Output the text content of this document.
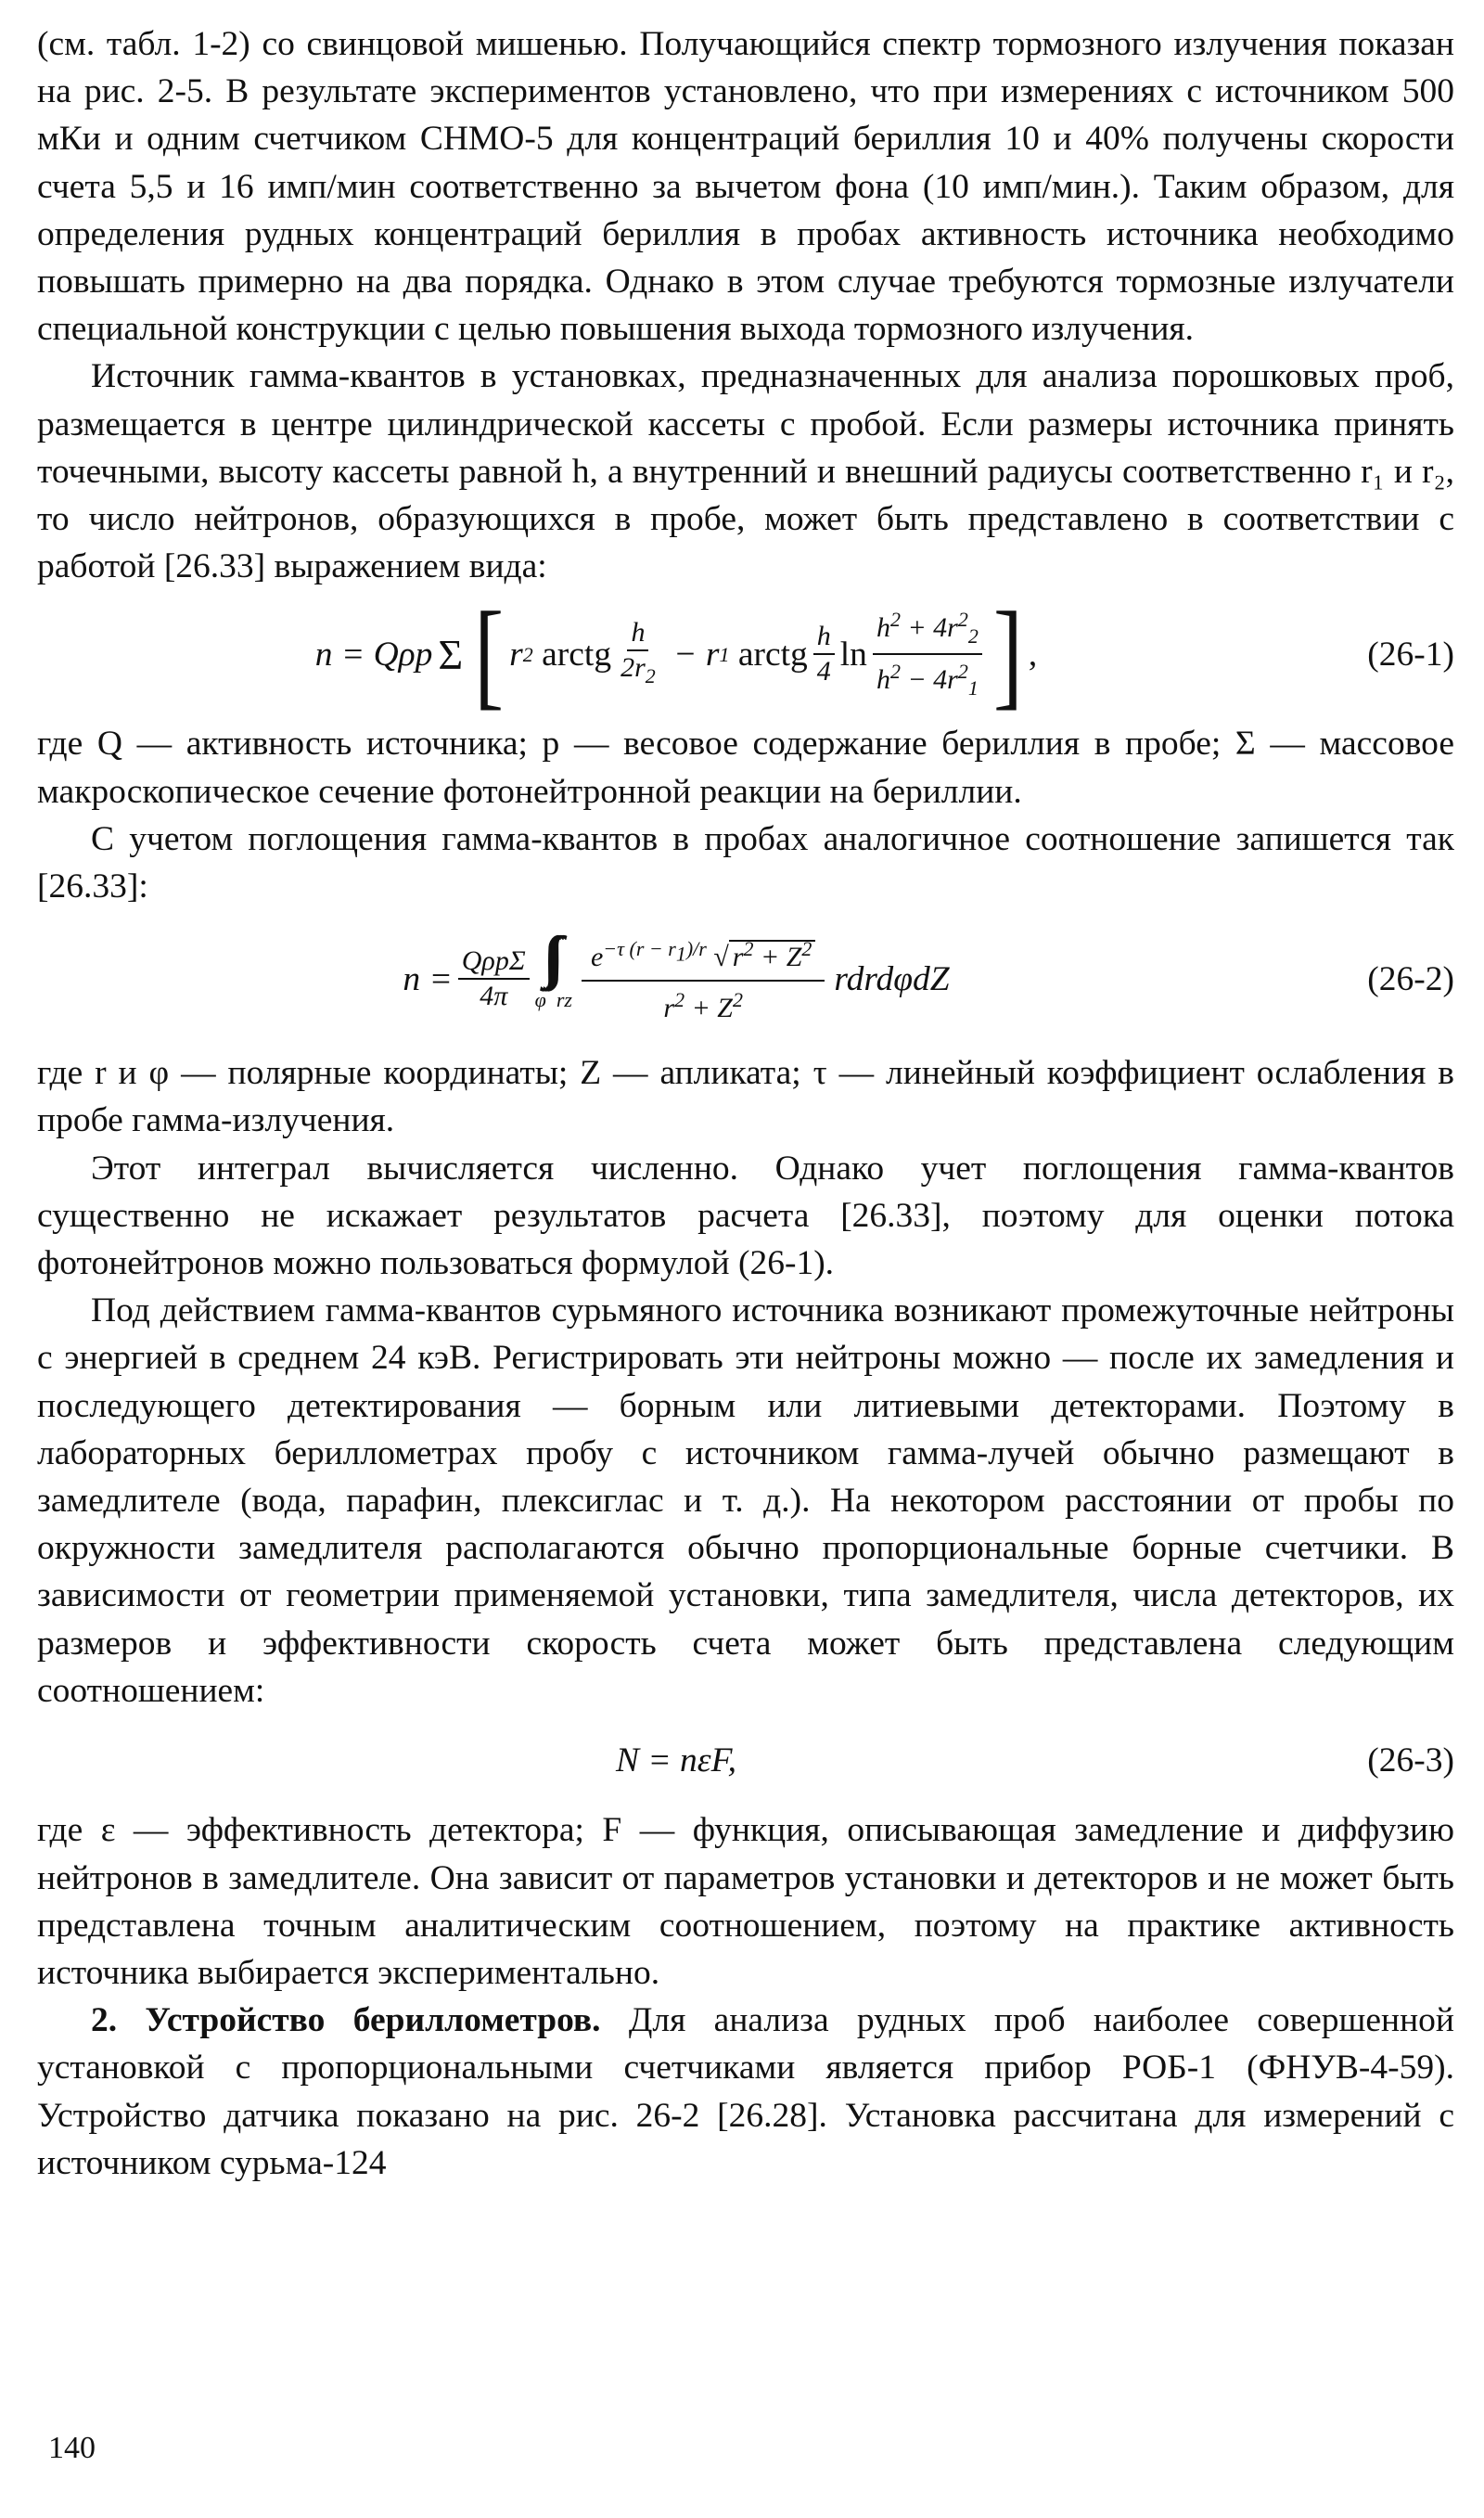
(см. табл. 1-2) со свинцовой мишенью. Получающийся спектр тормозного излучения показан на рис. 2-5. В результате экспериментов установлено, что при измерениях с источником 500 мКи и одним счетчиком СНМО-5 для концентраций бериллия 10 и 40% получены скорости счета 5,5 и 16 имп/мин соответственно за вычетом фона (10 имп/мин.). Таким образом, для определения рудных концентраций бериллия в пробах активность источника необходимо повышать примерно на два порядка. Однако в этом случае требуются тормозные излучатели специальной конструкции с целью повышения выхода тормозного излучения.

Источник гамма-квантов в установках, предназначенных для анализа порошковых проб, размещается в центре цилиндрической кассеты с пробой. Если размеры источника принять точечными, высоту кассеты равной h, а внутренний и внешний радиусы соответственно r₁ и r₂, то число нейтронов, образующихся в пробе, может быть представлено в соответствии с работой [26.33] выражением вида:

n = Qρp Σ [ r 2
arctg $\frac{h}{2r_2} - r$ 1
arctg $\frac{h}{4}$ $\ln \frac{h^2 + 4r^2_2}{h^2 - 4r^2_1}$ ] ,	(26-1)

где Q — активность источника; p — весовое содержание бериллия в пробе; Σ — массовое макроскопическое сечение фотонейтронной реакции на бериллии.

С учетом поглощения гамма-квантов в пробах аналогичное соотношение запишется так [26.33]:

$n = \frac{\text{QρpΣ}}{4\pi}$ ∫∫∫
φ  rz $\frac{e^{-\tau (r - r1)/r} √ r^2 + Z^2}{r^2 + Z^2}$ rdrdφdZ	(26-2)

где r и φ — полярные координаты; Z — апликата; τ — линейный коэффициент ослабления в пробе гамма-излучения.

Этот интеграл вычисляется численно. Однако учет поглощения гамма-квантов существенно не искажает результатов расчета [26.33], поэтому для оценки потока фотонейтронов можно пользоваться формулой (26-1).

Под действием гамма-квантов сурьмяного источника возникают промежуточные нейтроны с энергией в среднем 24 кэВ. Регистрировать эти нейтроны можно — после их замедления и последующего детектирования — борным или литиевыми детекторами. Поэтому в лабораторных бериллометрах пробу с источником гамма-лучей обычно размещают в замедлителе (вода, парафин, плексиглас и т. д.). На некотором расстоянии от пробы по окружности замедлителя располагаются обычно пропорциональные борные счетчики. В зависимости от геометрии применяемой установки, типа замедлителя, числа детекторов, их размеров и эффективности скорость счета может быть представлена следующим соотношением:

N = nεF,	(26-3)

где ε — эффективность детектора; F — функция, описывающая замедление и диффузию нейтронов в замедлителе. Она зависит от параметров установки и детекторов и не может быть представлена точным аналитическим соотношением, поэтому на практике активность источника выбирается экспериментально.

2. Устройство бериллометров. Для анализа рудных проб наиболее совершенной установкой с пропорциональными счетчиками является прибор РОБ-1 (ФНУВ-4-59). Устройство датчика показано на рис. 26-2 [26.28]. Установка рассчитана для измерений с источником сурьма-124

140
